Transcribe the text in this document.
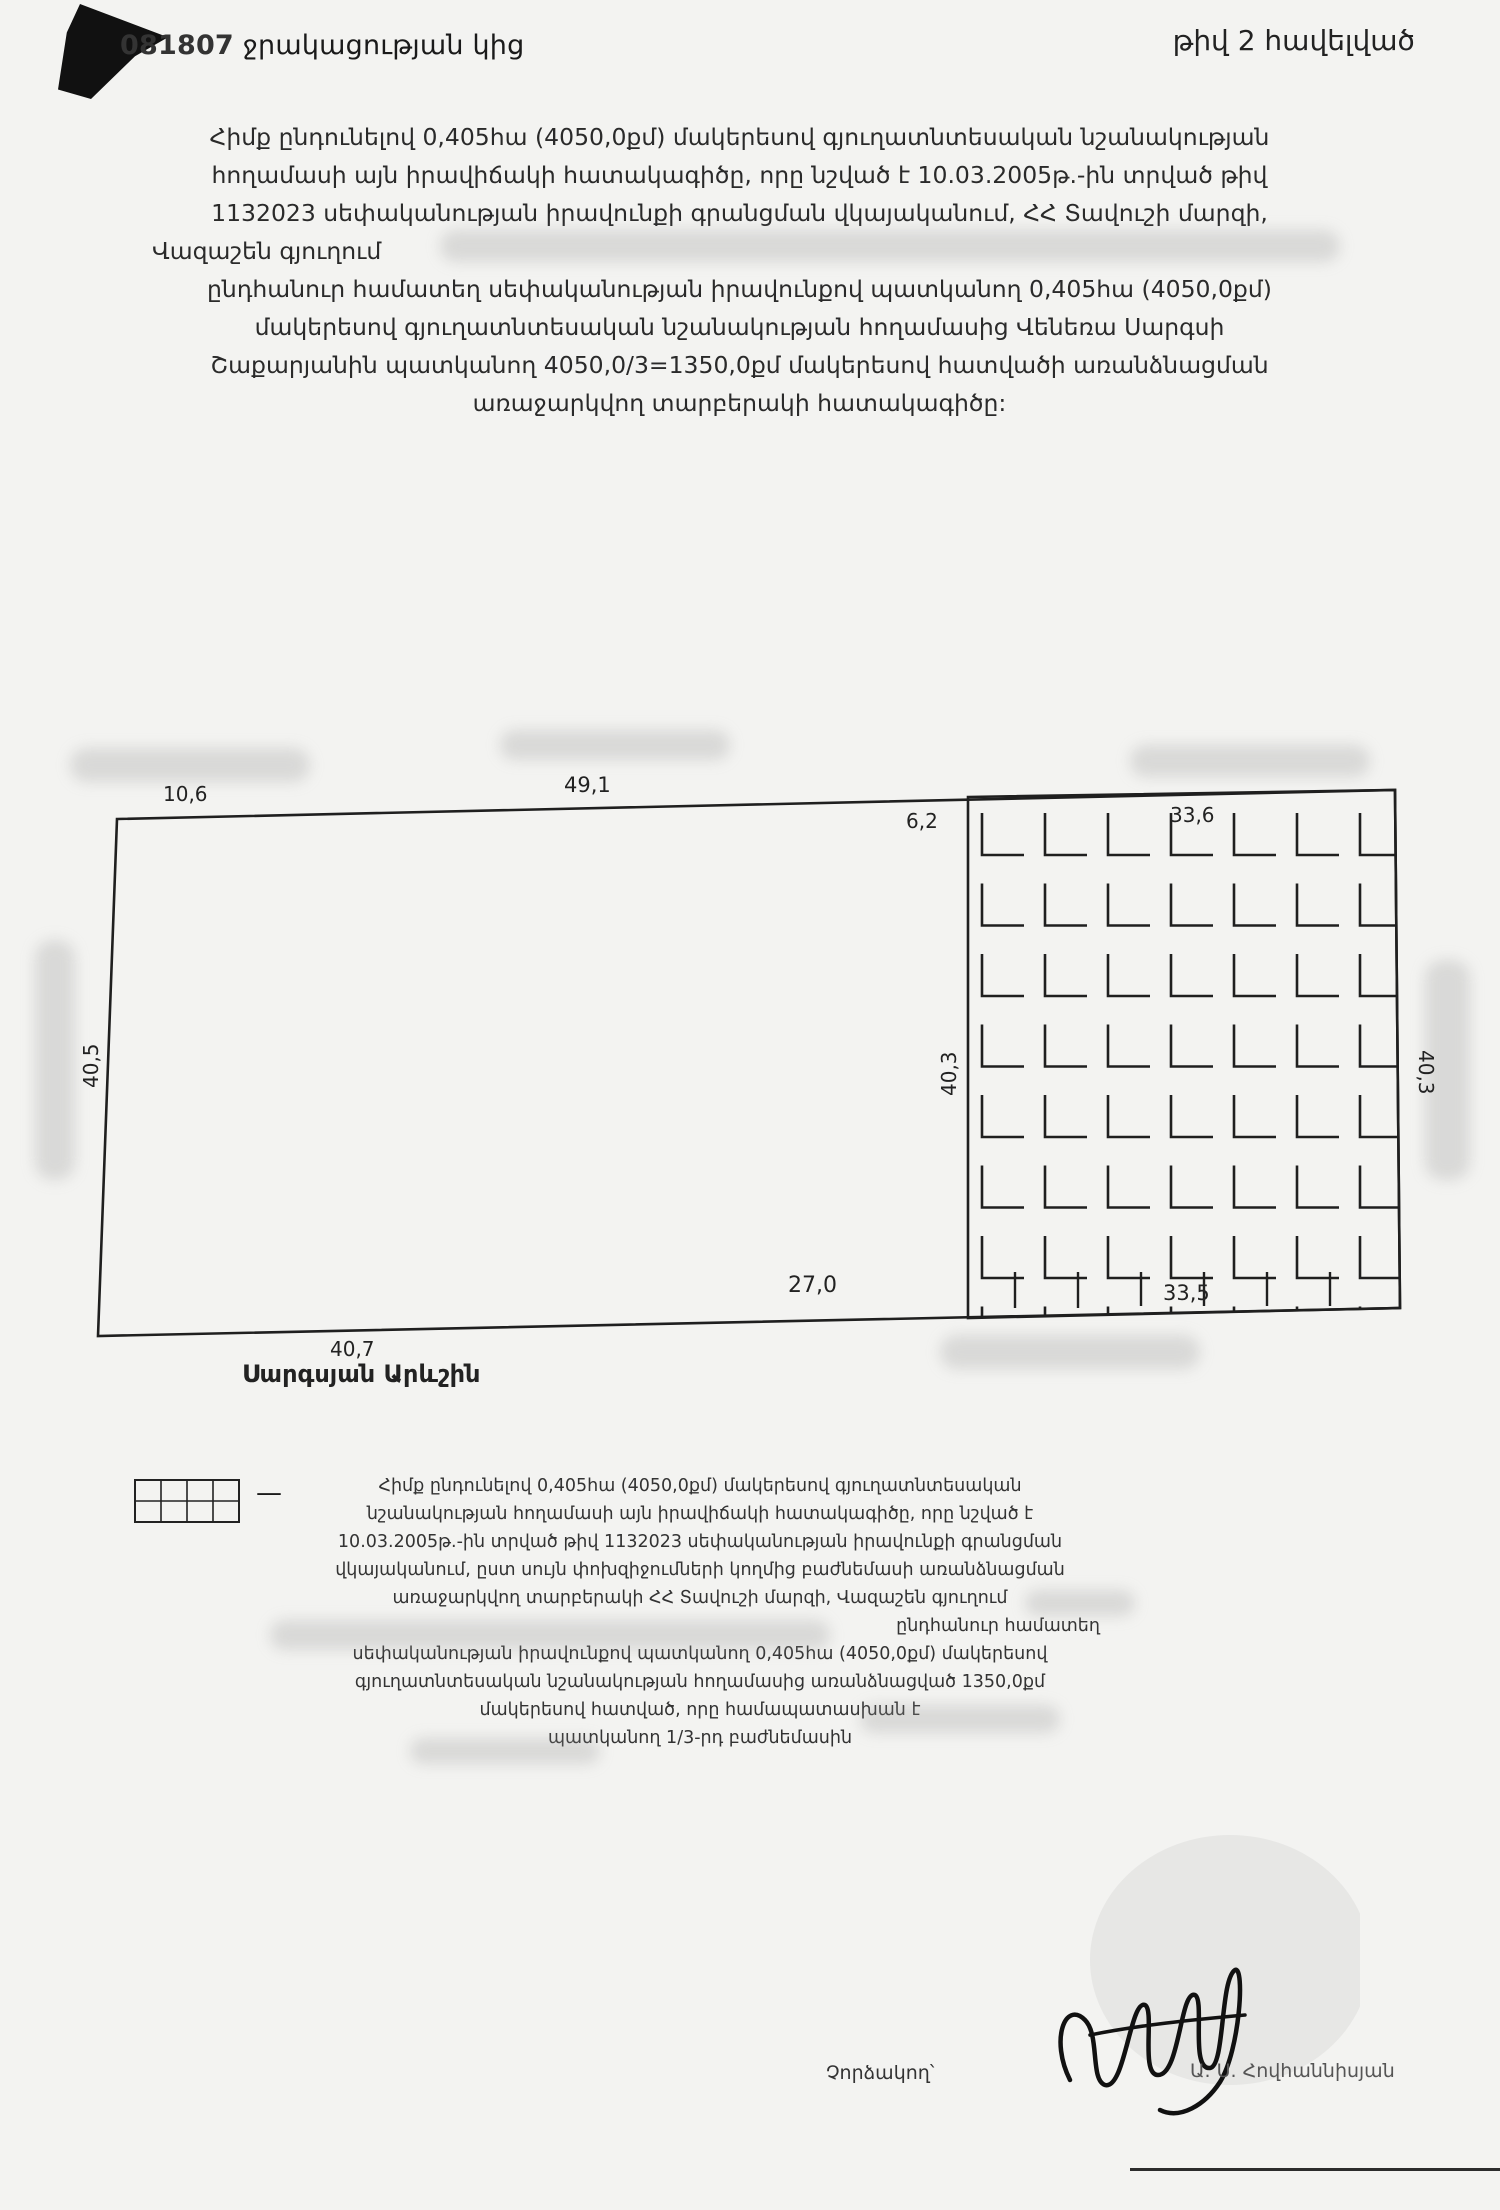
081807 ջրակացության կից	թիվ 2 հավելված

Հիմք ընդունելով 0,405հա (4050,0քմ) մակերեսով գյուղատնտեսական նշանակության

հողամասի այն իրավիճակի հատակագիծը, որը նշված է 10.03.2005թ.-ին տրված թիվ

1132023 սեփականության իրավունքի գրանցման վկայականում, ՀՀ Տավուշի մարզի,

Վազաշեն գյուղում

ընդհանուր համատեղ սեփականության իրավունքով պատկանող 0,405հա (4050,0քմ)

մակերեսով գյուղատնտեսական նշանակության հողամասից Վենեռա Սարգսի

Շաքարյանին պատկանող 4050,0/3=1350,0քմ մակերեսով հատվածի առանձնացման

առաջարկվող տարբերակի հատակագիծը:

10,6	49,1
40,5
6,2	33,6
40,3	40,3
27,0	33,5
40,7
Սարգսյան Արևշին
—	Հիմք ընդունելով 0,405հա (4050,0քմ) մակերեսով գյուղատնտեսական

նշանակության հողամասի այն իրավիճակի հատակագիծը, որը նշված է

10.03.2005թ.-ին տրված թիվ 1132023 սեփականության իրավունքի գրանցման

վկայականում, ըստ սույն փոխզիջումների կողմից բաժնեմասի առանձնացման

առաջարկվող տարբերակի ՀՀ Տավուշի մարզի, Վազաշեն գյուղում

ընդհանուր համատեղ

սեփականության իրավունքով պատկանող 0,405հա (4050,0քմ) մակերեսով

գյուղատնտեսական նշանակության հողամասից առանձնացված 1350,0քմ

մակերեսով հատված, որը համապատասխան է

պատկանող 1/3-րդ բաժնեմասին

Չորձակող՝	Ա. Ս. Հովհաննիսյան
